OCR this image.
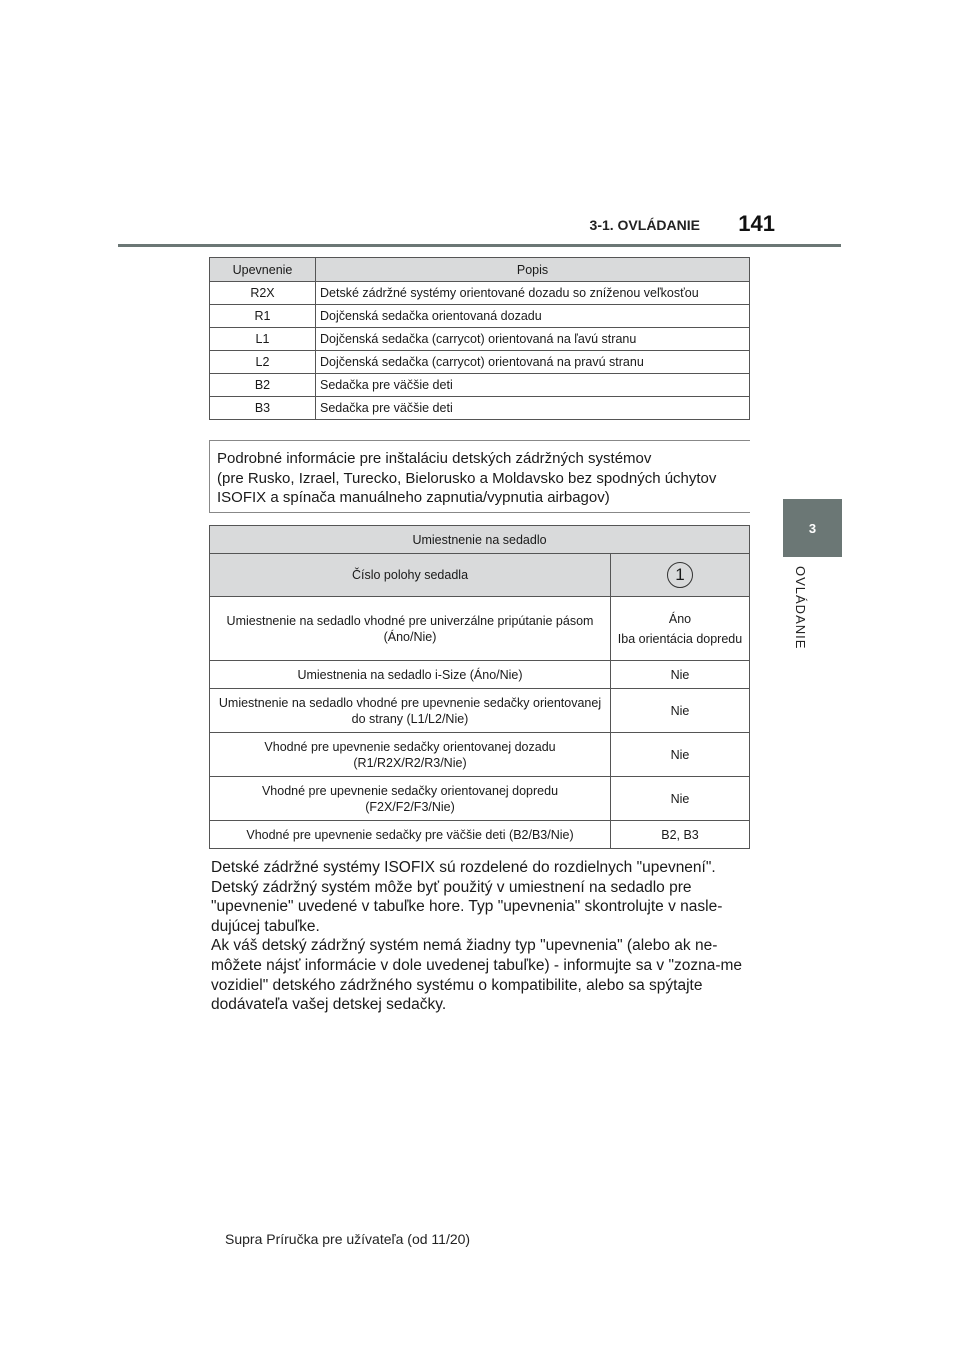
3-1. OVLÁDANIE	141
3
OVLÁDANIE
Upevnenie	Popis
R2X	Detské zádržné systémy orientované dozadu so zníženou veľkosťou
R1	Dojčenská sedačka orientovaná dozadu
L1	Dojčenská sedačka (carrycot) orientovaná na ľavú stranu
L2	Dojčenská sedačka (carrycot) orientovaná na pravú stranu
B2	Sedačka pre väčšie deti
B3	Sedačka pre väčšie deti
Podrobné informácie pre inštaláciu detských zádržných systémov
(pre Rusko, Izrael, Turecko, Bielorusko a Moldavsko bez spodných úchytov
ISOFIX a spínača manuálneho zapnutia/vypnutia airbagov)
Umiestnenie na sedadlo	
Číslo polohy sedadla	1
Umiestnenie na sedadlo vhodné pre univerzálne pripútanie pásom (Áno/Nie)	Áno
Iba orientácia dopredu

Umiestnenia na sedadlo i-Size (Áno/Nie)	Nie
Umiestnenie na sedadlo vhodné pre upevnenie sedačky orientovanej do strany (L1/L2/Nie)	Nie
Vhodné pre upevnenie sedačky orientovanej dozadu (R1/R2X/R2/R3/Nie)	Nie
Vhodné pre upevnenie sedačky orientovanej dopredu (F2X/F2/F3/Nie)	Nie
Vhodné pre upevnenie sedačky pre väčšie deti (B2/B3/Nie)	B2, B3

Detské zádržné systémy ISOFIX sú rozdelené do rozdielnych "upevnení". Detský zádržný systém môže byť použitý v umiestnení na sedadlo pre "upevnenie" uvedené v tabuľke hore. Typ "upevnenia" skontrolujte v nasle-dujúcej tabuľke.

Ak váš detský zádržný systém nemá žiadny typ "upevnenia" (alebo ak ne-môžete nájsť informácie v dole uvedenej tabuľke) - informujte sa v "zozna-me vozidiel" detského zádržného systému o kompatibilite, alebo sa spýtajte dodávateľa vašej detskej sedačky.

Supra Príručka pre užívateľa (od 11/20)
